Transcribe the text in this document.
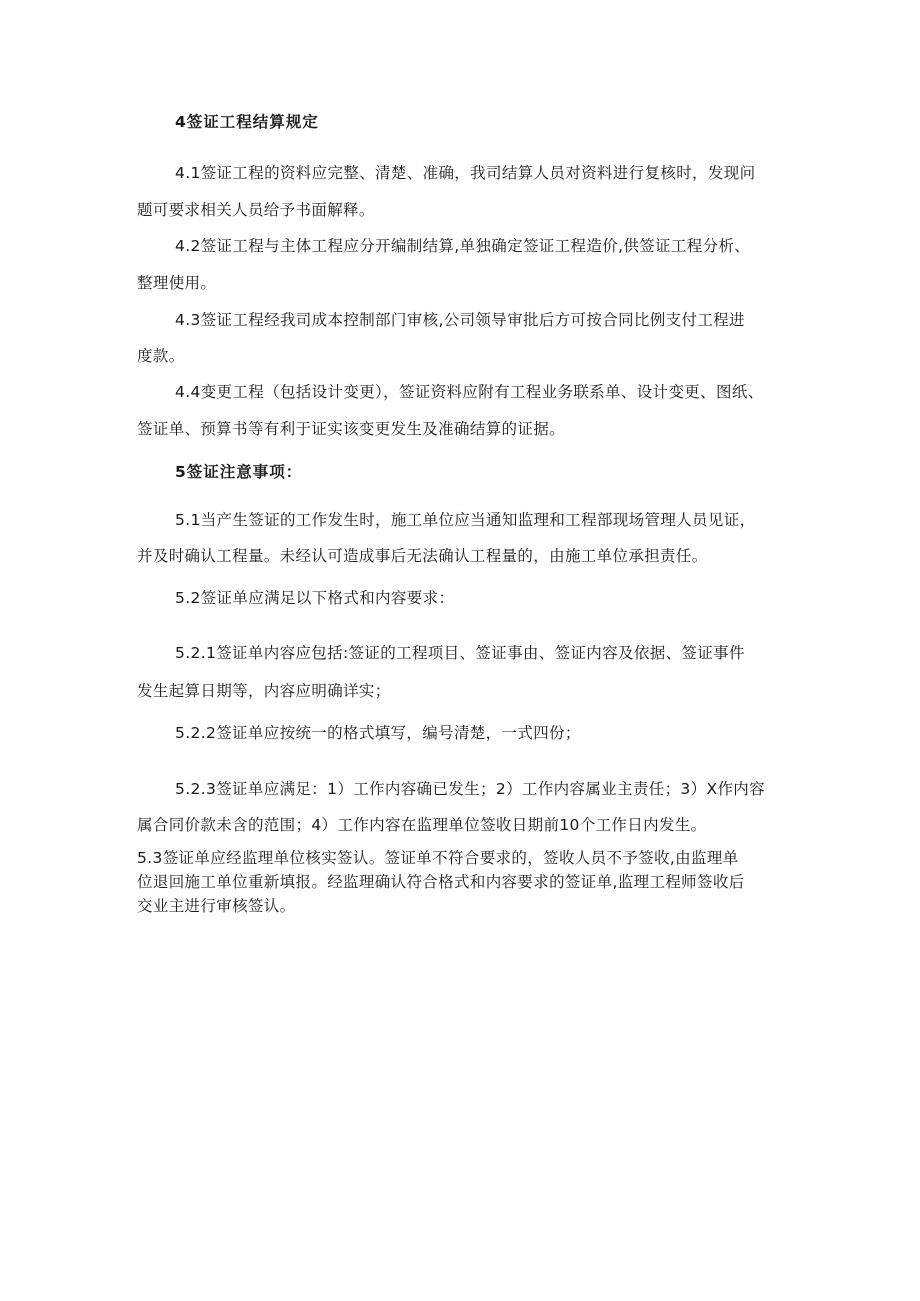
4签证工程结算规定
4.1签证工程的资料应完整、清楚、准确，我司结算人员对资料进行复核时，发现问
题可要求相关人员给予书面解释。
4.2签证工程与主体工程应分开编制结算,单独确定签证工程造价,供签证工程分析、
整理使用。
4.3签证工程经我司成本控制部门审核,公司领导审批后方可按合同比例支付工程进
度款。
4.4变更工程（包括设计变更），签证资料应附有工程业务联系单、设计变更、图纸、
签证单、预算书等有利于证实该变更发生及准确结算的证据。
5签证注意事项：
5.1当产生签证的工作发生时，施工单位应当通知监理和工程部现场管理人员见证，
并及时确认工程量。未经认可造成事后无法确认工程量的，由施工单位承担责任。
5.2签证单应满足以下格式和内容要求：
5.2.1签证单内容应包括:签证的工程项目、签证事由、签证内容及依据、签证事件
发生起算日期等，内容应明确详实；
5.2.2签证单应按统一的格式填写，编号清楚，一式四份；
5.2.3签证单应满足：1）工作内容确已发生；2）工作内容属业主责任；3）X作内容
属合同价款未含的范围；4）工作内容在监理单位签收日期前10个工作日内发生。
5.3签证单应经监理单位核实签认。签证单不符合要求的，签收人员不予签收,由监理单
位退回施工单位重新填报。经监理确认符合格式和内容要求的签证单,监理工程师签收后
交业主进行审核签认。
